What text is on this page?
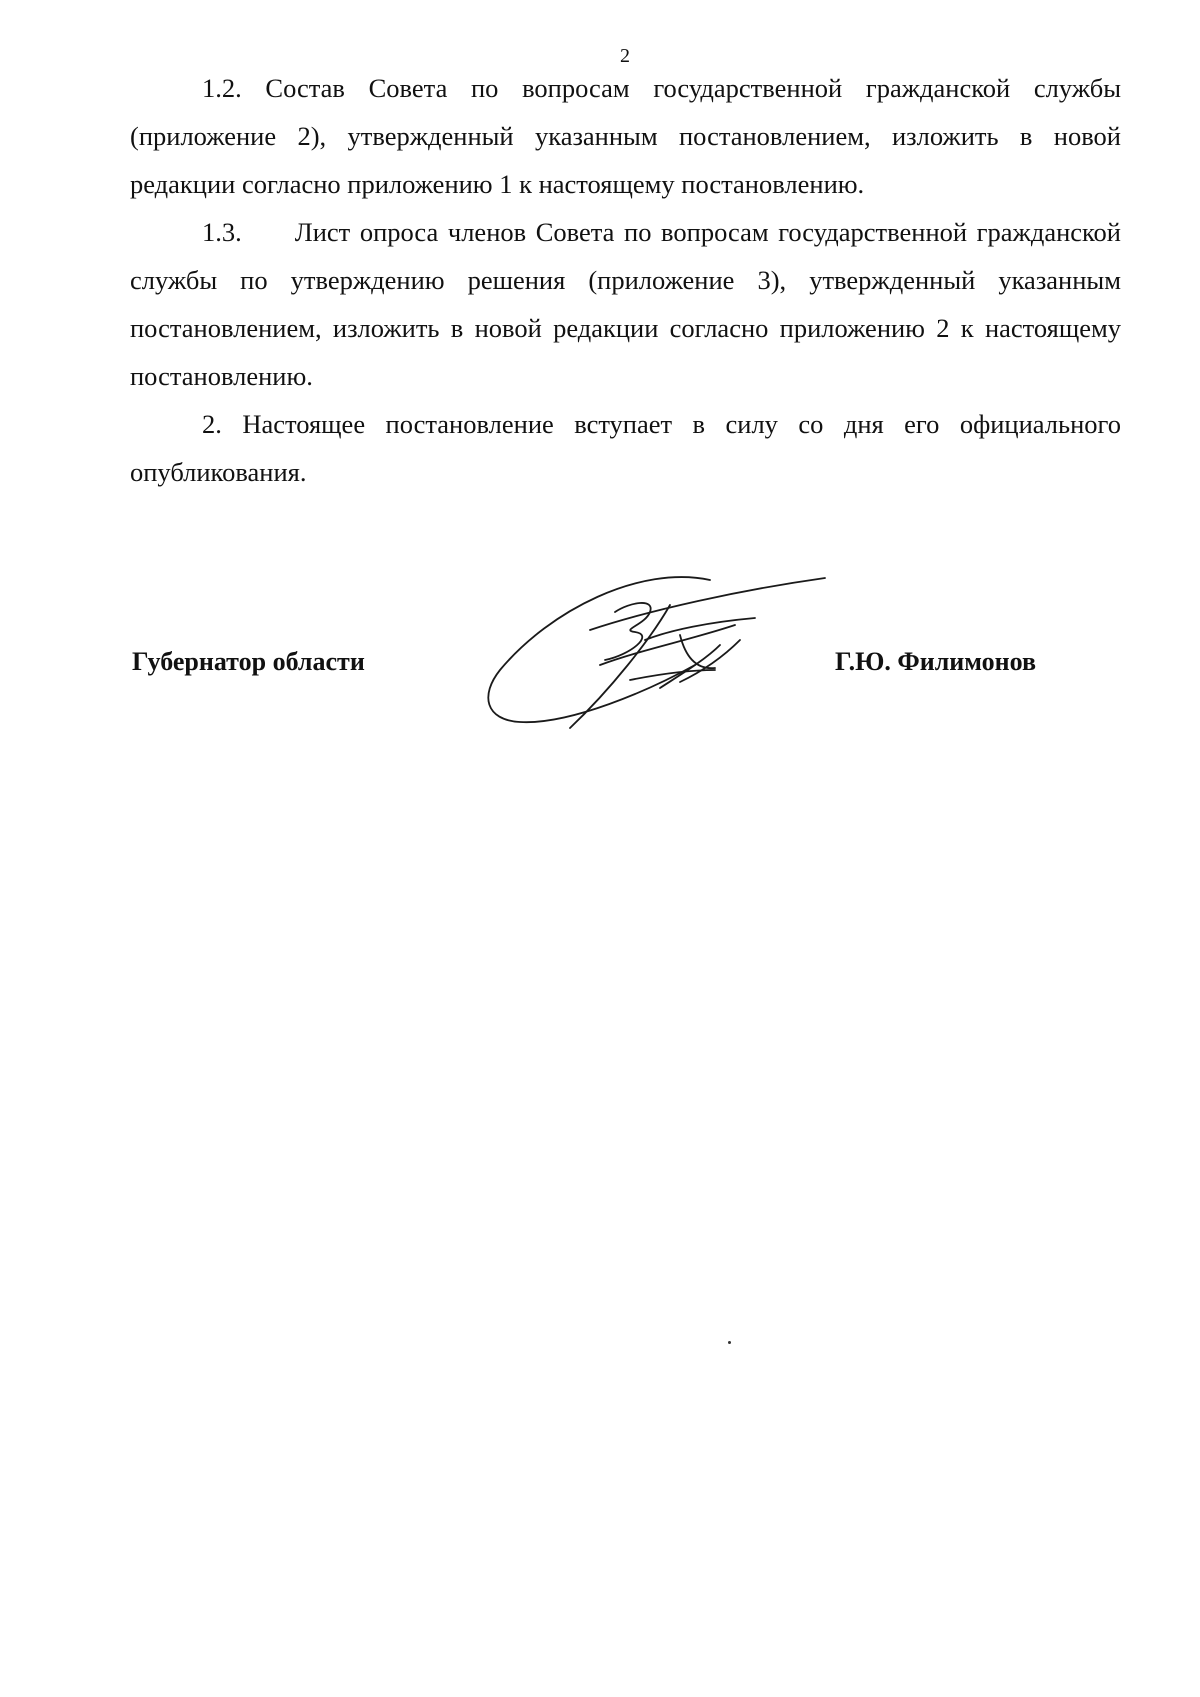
2

1.2. Состав Совета по вопросам государственной гражданской службы (приложение 2), утвержденный указанным постановлением, изложить в новой редакции согласно приложению 1 к настоящему постановлению.

1.3.  Лист опроса членов Совета по вопросам государственной гражданской службы по утверждению решения (приложение 3), утвержденный указанным постановлением, изложить в новой редакции согласно приложению 2 к настоящему постановлению.

2. Настоящее постановление вступает в силу со дня его официального опубликования.

Губернатор области	Г.Ю. Филимонов
